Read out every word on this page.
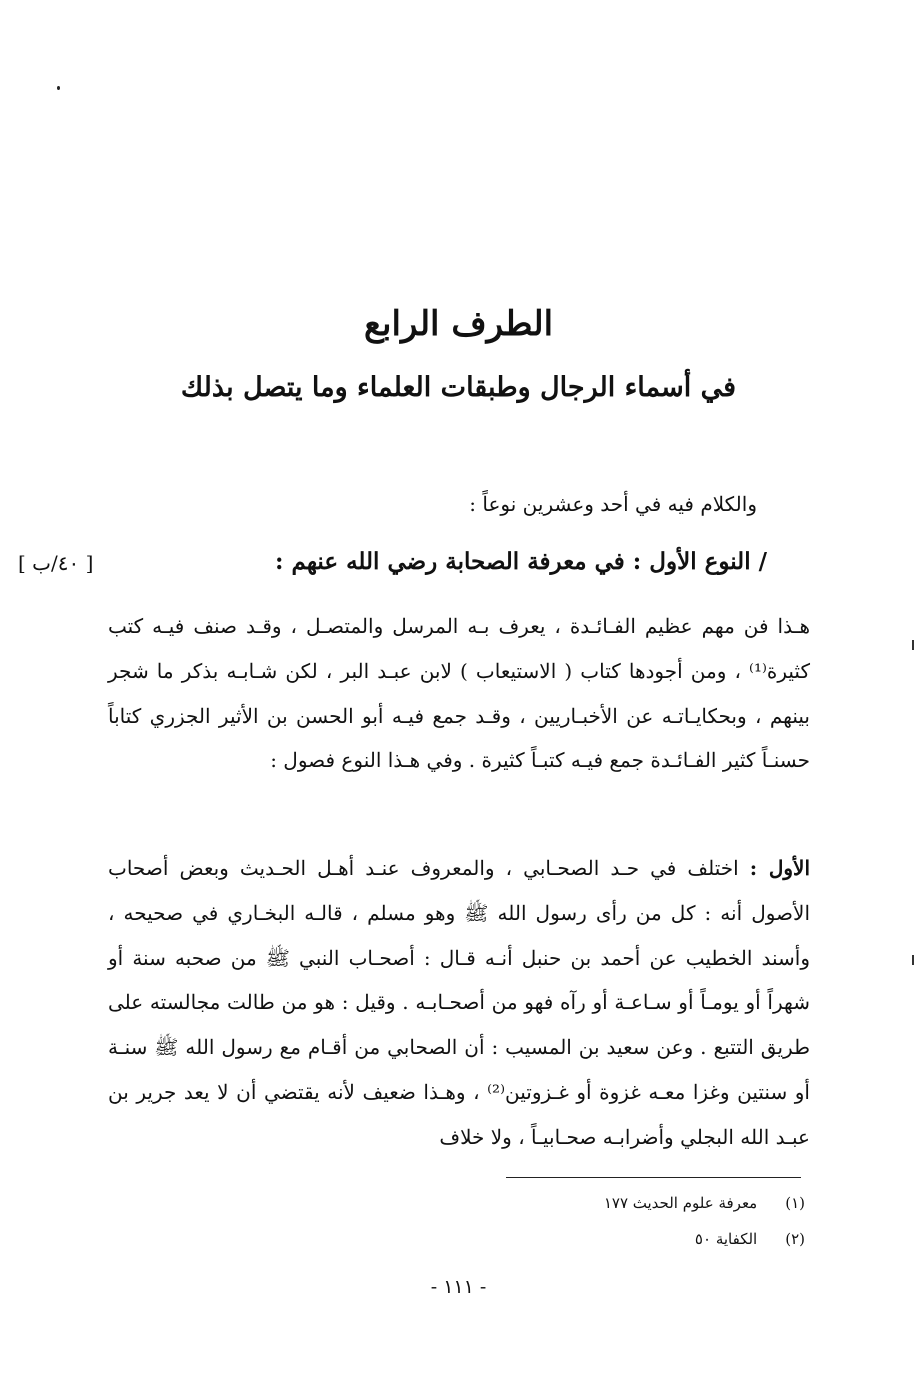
الطرف الرابع
في أسماء الرجال وطبقات العلماء وما يتصل بذلك
والكلام فيه في أحد وعشرين نوعاً :
/ النوع الأول : في معرفة الصحابة رضي الله عنهم :
[ ٤٠/ب ]
هـذا فن مهم عظيم الفـائـدة ، يعرف بـه المرسل والمتصـل ، وقـد صنف فيـه كتب كثيرة⁽¹⁾ ، ومن أجودها كتاب ( الاستيعاب ) لابن عبـد البر ، لكن شـابـه بذكر ما شجر بينهم ، وبحكايـاتـه عن الأخبـاريين ، وقـد جمع فيـه أبو الحسن بن الأثير الجزري كتاباً حسنـاً كثير الفـائـدة جمع فيـه كتبـاً كثيرة . وفي هـذا النوع فصول :
الأول : اختلف في حـد الصحـابي ، والمعروف عنـد أهـل الحـديث وبعض أصحاب الأصول أنه : كل من رأى رسول الله ﷺ وهو مسلم ، قالـه البخـاري في صحيحه ، وأسند الخطيب عن أحمد بن حنبل أنـه قـال : أصحـاب النبي ﷺ من صحبه سنة أو شهراً أو يومـاً أو سـاعـة أو رآه فهو من أصحـابـه . وقيل : هو من طالت مجالسته على طريق التتبع . وعن سعيد بن المسيب : أن الصحابي من أقـام مع رسول الله ﷺ سنـة أو سنتين وغزا معـه غزوة أو غـزوتين⁽²⁾ ، وهـذا ضعيف لأنه يقتضي أن لا يعد جرير بن عبـد الله البجلي وأضرابـه صحـابيـاً ، ولا خلاف
(١)معرفة علوم الحديث ١٧٧
(٢)الكفاية ٥٠
- ١١١ -
